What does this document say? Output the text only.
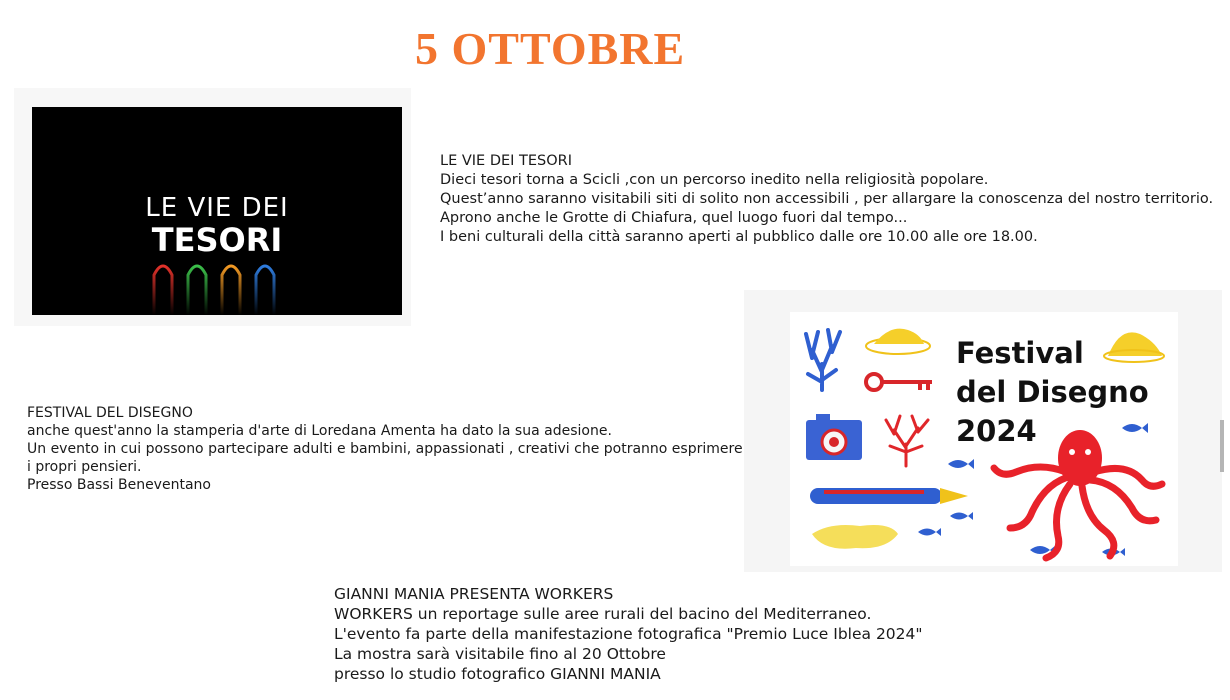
5 OTTOBRE
LE VIE DEI
TESORI
LE VIE DEI TESORI
Dieci tesori torna a Scicli ,con un percorso inedito nella religiosità popolare.
Quest’anno saranno visitabili siti di solito non accessibili , per allargare la conoscenza del nostro territorio.
Aprono anche le Grotte di Chiafura, quel luogo fuori dal tempo...
I beni culturali della città saranno aperti al pubblico dalle ore 10.00 alle ore 18.00.
Festival
del Disegno
2024
FESTIVAL DEL DISEGNO
anche quest'anno la stamperia d'arte di Loredana Amenta ha dato la sua adesione.
Un evento in cui possono partecipare adulti e bambini, appassionati , creativi che potranno esprimere
i propri pensieri.
Presso Bassi Beneventano
GIANNI MANIA PRESENTA WORKERS
WORKERS un reportage sulle aree rurali del bacino del Mediterraneo.
L'evento fa parte della manifestazione fotografica "Premio Luce Iblea 2024"
La mostra sarà visitabile fino al 20 Ottobre
presso lo studio fotografico GIANNI MANIA
